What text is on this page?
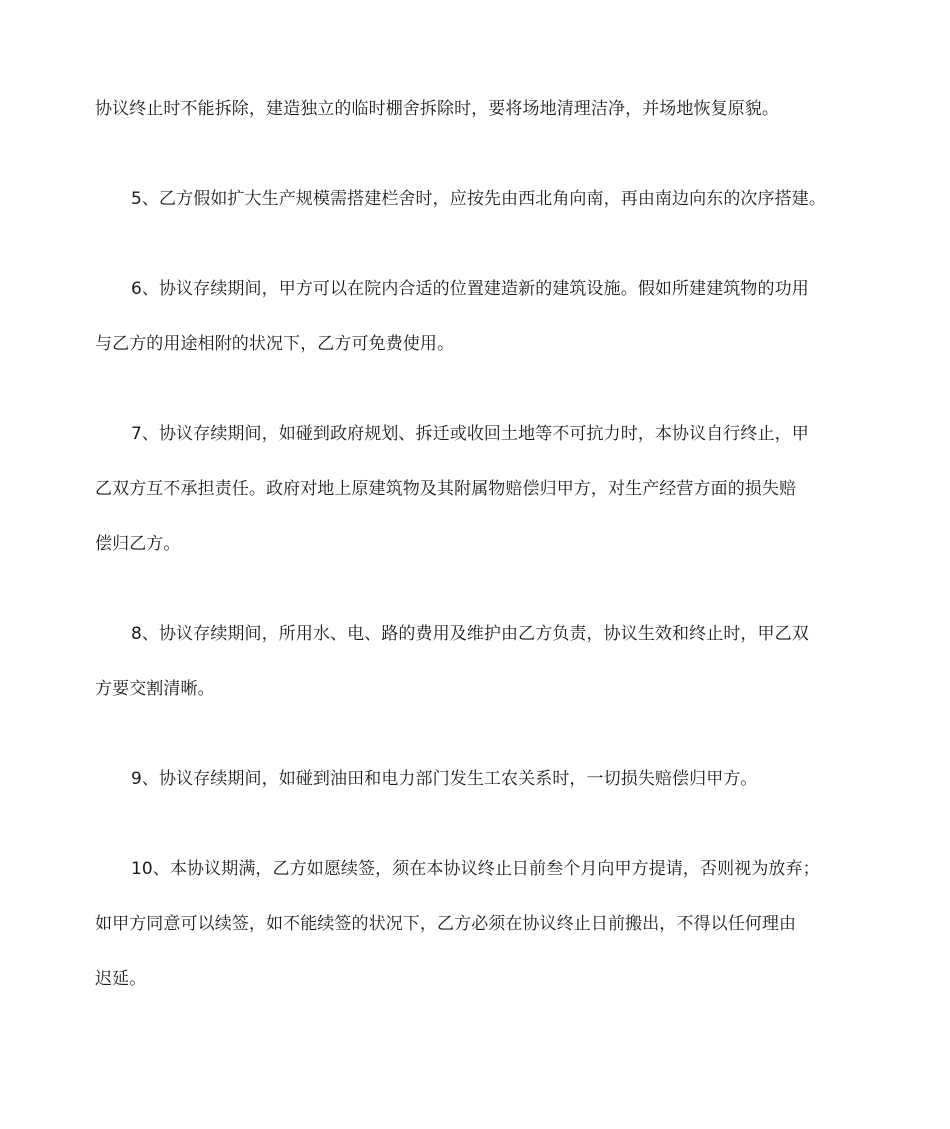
协议终止时不能拆除，建造独立的临时棚舍拆除时，要将场地清理洁净，并场地恢复原貌。
5、乙方假如扩大生产规模需搭建栏舍时，应按先由西北角向南，再由南边向东的次序搭建。
6、协议存续期间，甲方可以在院内合适的位置建造新的建筑设施。假如所建建筑物的功用
与乙方的用途相附的状况下，乙方可免费使用。
7、协议存续期间，如碰到政府规划、拆迁或收回土地等不可抗力时，本协议自行终止，甲
乙双方互不承担责任。政府对地上原建筑物及其附属物赔偿归甲方，对生产经营方面的损失赔
偿归乙方。
8、协议存续期间，所用水、电、路的费用及维护由乙方负责，协议生效和终止时，甲乙双
方要交割清晰。
9、协议存续期间，如碰到油田和电力部门发生工农关系时，一切损失赔偿归甲方。
10、本协议期满，乙方如愿续签，须在本协议终止日前叁个月向甲方提请，否则视为放弃；
如甲方同意可以续签，如不能续签的状况下，乙方必须在协议终止日前搬出，不得以任何理由
迟延。
